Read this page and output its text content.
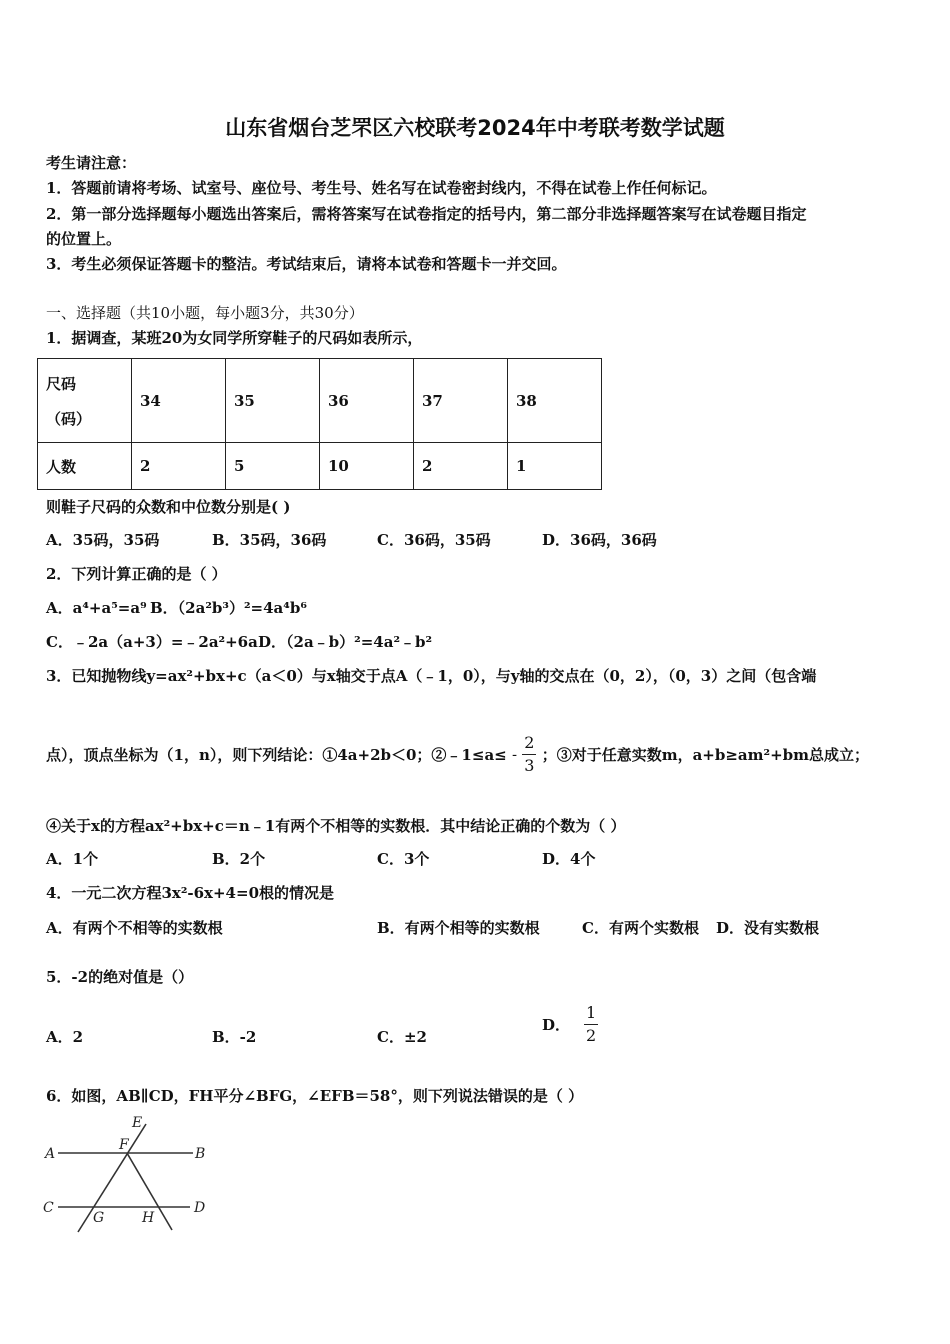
山东省烟台芝罘区六校联考2024年中考联考数学试题
考生请注意：
1．答题前请将考场、试室号、座位号、考生号、姓名写在试卷密封线内，不得在试卷上作任何标记。
2．第一部分选择题每小题选出答案后，需将答案写在试卷指定的括号内，第二部分非选择题答案写在试卷题目指定
的位置上。
3．考生必须保证答题卡的整洁。考试结束后，请将本试卷和答题卡一并交回。
一、选择题（共10小题，每小题3分，共30分）
1．据调查，某班20为女同学所穿鞋子的尺码如表所示，
尺码
（码）	34	35	36	37	38
人数	2	5	10	2	1
则鞋子尺码的众数和中位数分别是( )
A．35码，35码	B．35码，36码	C．36码，35码	D．36码，36码
2．下列计算正确的是（ ）
A．a⁴+a⁵=a⁹ B．（2a²b³）²=4a⁴b⁶
C．﹣2a（a+3）=﹣2a²+6a D．（2a﹣b）²=4a²﹣b²
3．已知抛物线y=ax²+bx+c（a＜0）与x轴交于点A（﹣1，0），与y轴的交点在（0，2），（0，3）之间（包含端
点），顶点坐标为（1，n），则下列结论：①4a+2b＜0；②﹣1≤a≤ - $\frac{2}{3}$ ；③对于任意实数m，a+b≥am²+bm总成立；
④关于x的方程ax²+bx+c＝n﹣1有两个不相等的实数根．其中结论正确的个数为（ ）
A．1个	B．2个	C．3个	D．4个
4．一元二次方程3x²-6x+4=0根的情况是
A．有两个不相等的实数根	B．有两个相等的实数根	C．有两个实数根 D．没有实数根
5．-2的绝对值是（）
A．2	B．-2	C．±2
D． $\frac{1}{2}$
6．如图，AB∥CD，FH平分∠BFG，∠EFB＝58°，则下列说法错误的是（ ）
A	B
C	D
E
F
G	H
